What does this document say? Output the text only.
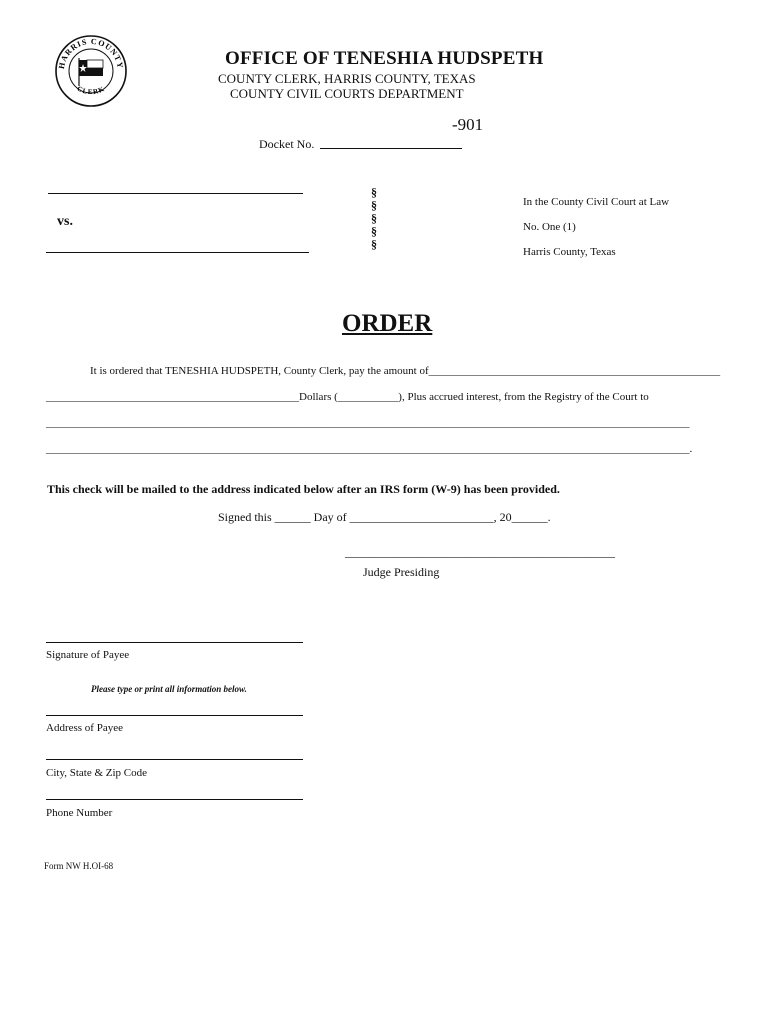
HARRIS COUNTY
CLERK
OFFICE OF TENESHIA HUDSPETH
COUNTY CLERK, HARRIS COUNTY, TEXAS
COUNTY CIVIL COURTS DEPARTMENT
-901
Docket No.
vs.
§
§
§
§
§
In the County Civil Court at Law
No. One (1)
Harris County, Texas
ORDER
It is ordered that TENESHIA HUDSPETH, County Clerk, pay the amount of_____________________________________________________
______________________________________________Dollars (___________), Plus accrued interest, from the Registry of the Court to
_____________________________________________________________________________________________________________________
_____________________________________________________________________________________________________________________.
This check will be mailed to the address indicated below after an IRS form (W-9) has been provided.
Signed this ______ Day of ________________________, 20______.
_____________________________________________
Judge Presiding
Signature of Payee
Please type or print all information below.
Address of Payee
City, State & Zip Code
Phone Number
Form NW H.OI-68
